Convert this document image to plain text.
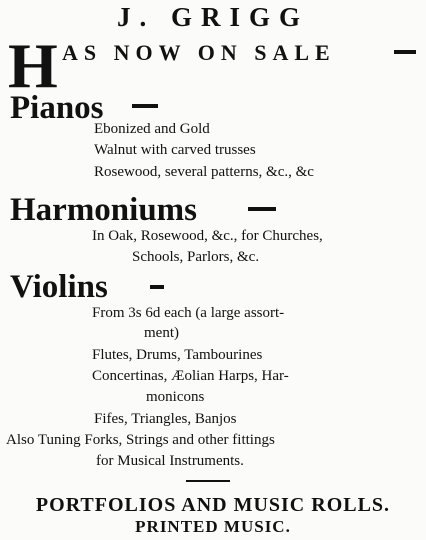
J. GRIGG
H AS NOW ON SALE
Pianos
Ebonized and Gold
Walnut with carved trusses
Rosewood, several patterns, &c., &c
Harmoniums
In Oak, Rosewood, &c., for Churches,
Schools, Parlors, &c.
Violins
From 3s 6d each (a large assort-
ment)
Flutes, Drums, Tambourines
Concertinas, Æolian Harps, Har-
monicons
Fifes, Triangles, Banjos
Also Tuning Forks, Strings and other fittings
for Musical Instruments.
PORTFOLIOS AND MUSIC ROLLS.
PRINTED MUSIC.
